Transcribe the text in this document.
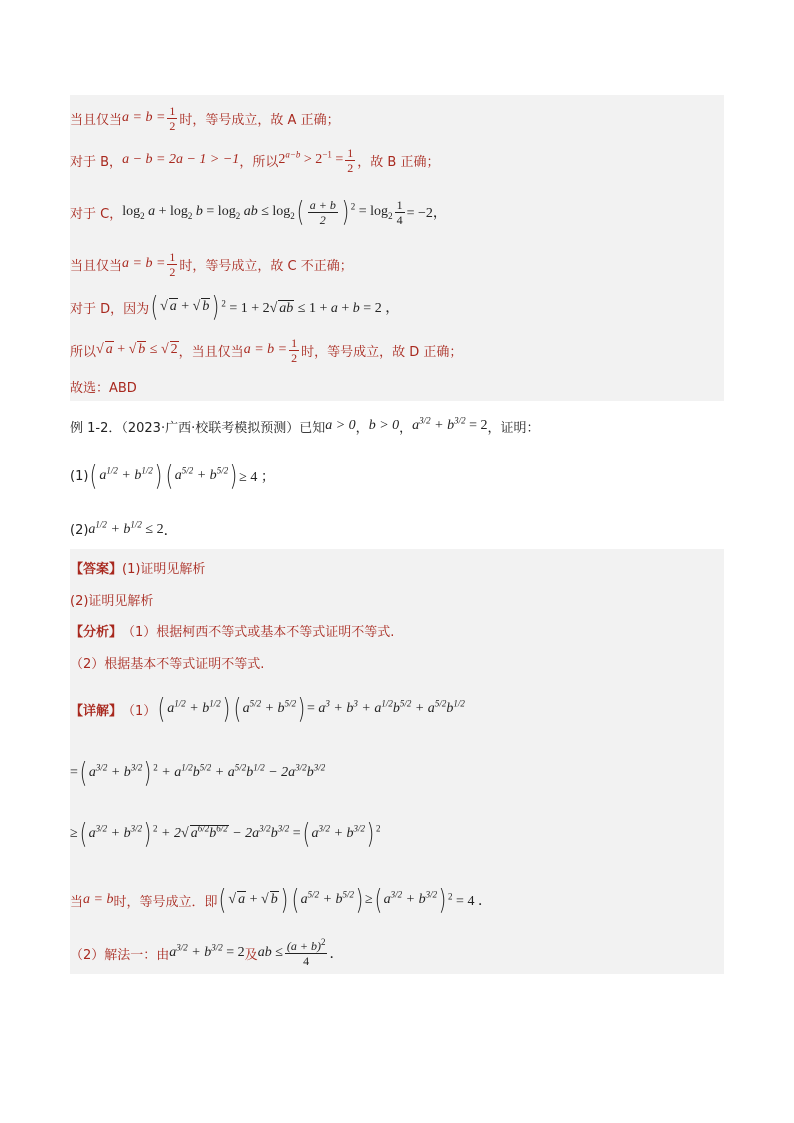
当且仅当 $a = b = \frac{1}{2}$ 时，等号成立，故 A 正确；
对于 B， a − b = 2a − 1 > −1 ，所以 $2^{a-b} > 2^{-1} = \frac{1}{2}$ ，故 B 正确；
对于 C， $\log_2 a + \log_2 b = \log_2$ ab ≤ $\log_2$ ( $\frac{a + b}{2}$ ) $^2 = \log_2 \frac{1}{4} = -2$，
当且仅当 $a = b = \frac{1}{2}$ 时，等号成立，故 C 不正确；
对于 D，因为 ( √ a + √ b ) $^2$ = 1 + 2√ ab ≤ 1 + a + b = 2 ，
所以 √ a + √ b ≤ √ 2 ，当且仅当 $a = b = \frac{1}{2}$ 时，等号成立，故 D 正确；
故选：ABD
例 1-2．（2023·广西·校联考模拟预测）已知 a > 0 ， b > 0 ， $a^{3/2} + b^{3/2} = 2$ ，证明：
(1) ( $a^{1/2} + b^{1/2}$ ) ( $a^{5/2} + b^{5/2}$ ) ≥ 4 ；
(2) $a^{1/2} + b^{1/2} \le 2$ ．
【答案】 (1)证明见解析
(2)证明见解析
【分析】 （1）根据柯西不等式或基本不等式证明不等式.
（2）根据基本不等式证明不等式.
【详解】 （1） ( $a^{1/2} + b^{1/2}$ ) ( $a^{5/2} + b^{5/2}$ ) = $a^3 + b^3 + a^{1/2}b^{5/2} + a^{5/2}b^{1/2}$
= ( $a^{3/2} + b^{3/2}$ ) $^2 + a^{1/2}b^{5/2} + a^{5/2}b^{1/2} - 2a^{3/2}b^{3/2}$
≥ ( $a^{3/2} + b^{3/2}$ ) $^2$ + 2√ $a^{6/2}b^{6/2} - 2a^{3/2}b^{3/2}$ = ( $a^{3/2} + b^{3/2}$ ) $^2$
当 a = b 时，等号成立．即 ( √ a + √ b ) ( $a^{5/2} + b^{5/2}$ ) ≥ ( $a^{3/2} + b^{3/2}$ ) $^2$ = 4 ．
（2）解法一：由 $a^{3/2} + b^{3/2} = 2$ 及 ab ≤ $\frac{(a + b)^2}{4}$ ．
